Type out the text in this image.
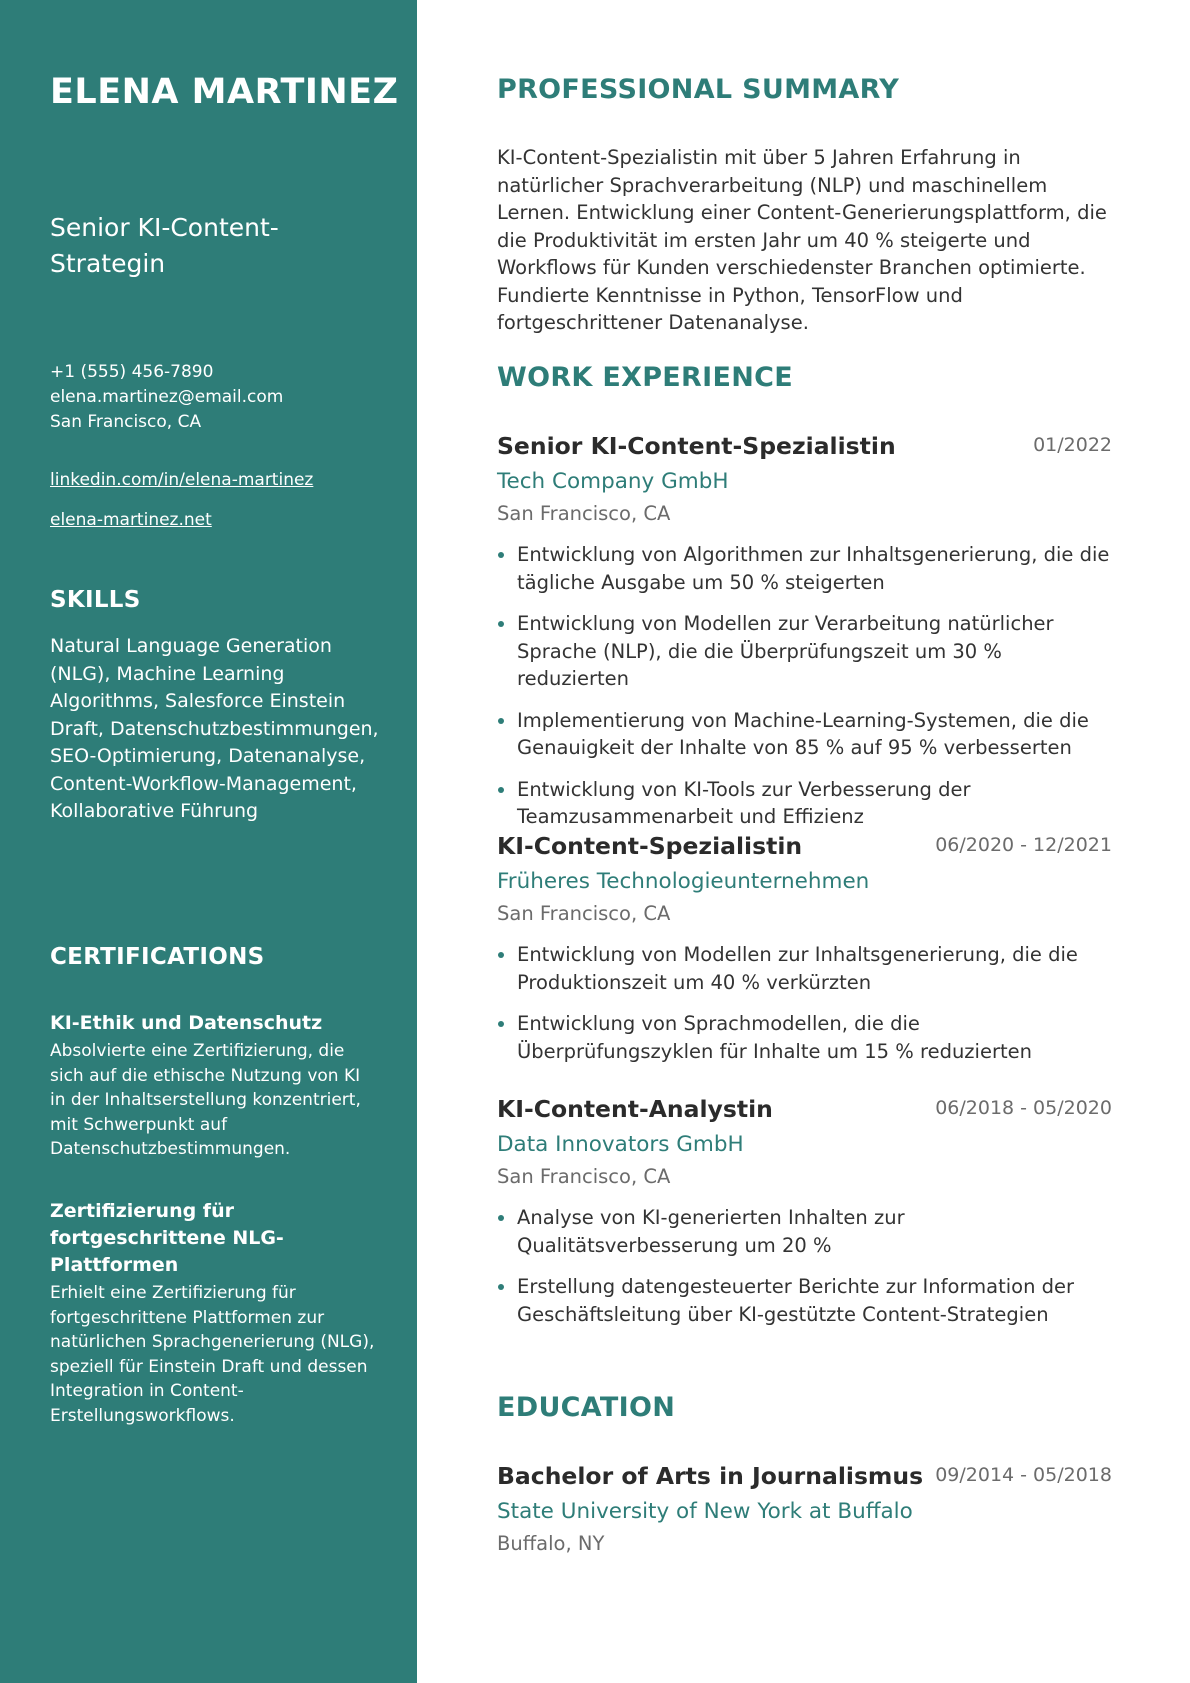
ELENA MARTINEZ
Senior KI-Content-Strategin
+1 (555) 456-7890
elena.martinez@email.com
San Francisco, CA
linkedin.com/in/elena-martinez
elena-martinez.net
SKILLS
Natural Language Generation (NLG), Machine Learning Algorithms, Salesforce Einstein Draft, Datenschutzbestimmungen, SEO-Optimierung, Datenanalyse, Content-Workflow-Management, Kollaborative Führung
CERTIFICATIONS
KI-Ethik und Datenschutz
Absolvierte eine Zertifizierung, die sich auf die ethische Nutzung von KI in der Inhaltserstellung konzentriert, mit Schwerpunkt auf Datenschutzbestimmungen.
Zertifizierung für fortgeschrittene NLG-Plattformen
Erhielt eine Zertifizierung für fortgeschrittene Plattformen zur natürlichen Sprachgenerierung (NLG), speziell für Einstein Draft und dessen Integration in Content-Erstellungsworkflows.
PROFESSIONAL SUMMARY
KI-Content-Spezialistin mit über 5 Jahren Erfahrung in natürlicher Sprachverarbeitung (NLP) und maschinellem Lernen. Entwicklung einer Content-Generierungsplattform, die die Produktivität im ersten Jahr um 40 % steigerte und Workflows für Kunden verschiedenster Branchen optimierte. Fundierte Kenntnisse in Python, TensorFlow und fortgeschrittener Datenanalyse.
WORK EXPERIENCE
Senior KI-Content-Spezialistin	01/2022
Tech Company GmbH
San Francisco, CA
Entwicklung von Algorithmen zur Inhaltsgenerierung, die die tägliche Ausgabe um 50 % steigerten
Entwicklung von Modellen zur Verarbeitung natürlicher Sprache (NLP), die die Überprüfungszeit um 30 % reduzierten
Implementierung von Machine-Learning-Systemen, die die Genauigkeit der Inhalte von 85 % auf 95 % verbesserten
Entwicklung von KI-Tools zur Verbesserung der Teamzusammenarbeit und Effizienz
KI-Content-Spezialistin	06/2020 - 12/2021
Früheres Technologieunternehmen
San Francisco, CA
Entwicklung von Modellen zur Inhaltsgenerierung, die die Produktionszeit um 40 % verkürzten
Entwicklung von Sprachmodellen, die die Überprüfungszyklen für Inhalte um 15 % reduzierten
KI-Content-Analystin	06/2018 - 05/2020
Data Innovators GmbH
San Francisco, CA
Analyse von KI-generierten Inhalten zur Qualitätsverbesserung um 20 %
Erstellung datengesteuerter Berichte zur Information der Geschäftsleitung über KI-gestützte Content-Strategien
EDUCATION
Bachelor of Arts in Journalismus 09/2014 - 05/2018
State University of New York at Buffalo
Buffalo, NY
